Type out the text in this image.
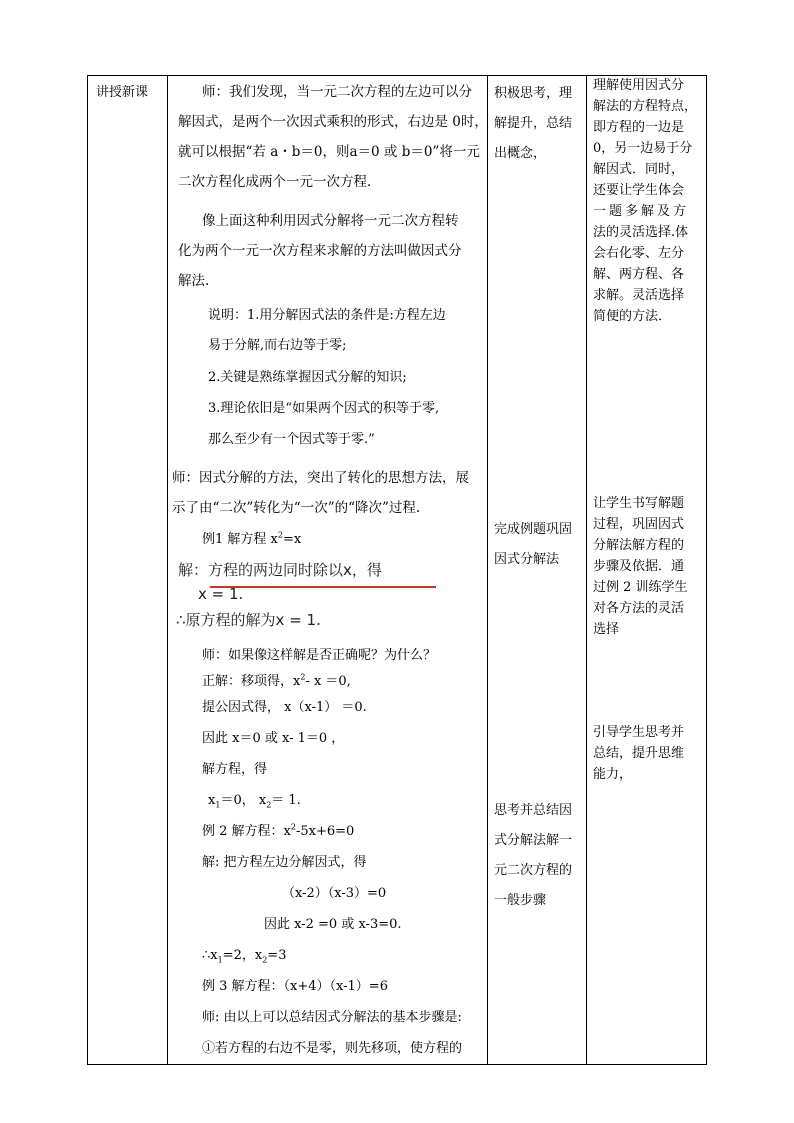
讲授新课	师：我们发现，当一元二次方程的左边可以分
解因式，是两个一次因式乘积的形式，右边是 0时，
就可以根据“若 a・b＝0，则a＝0 或 b＝0”将一元
二次方程化成两个一元一次方程．
像上面这种利用因式分解将一元二次方程转
化为两个一元一次方程来求解的方法叫做因式分
解法.
说明：1.用分解因式法的条件是:方程左边
易于分解,而右边等于零;
2.关键是熟练掌握因式分解的知识;
3.理论依旧是“如果两个因式的积等于零,
那么至少有一个因式等于零.”
师：因式分解的方法，突出了转化的思想方法，展
示了由“二次”转化为“一次”的“降次”过程.
例1 解方程 $x^2=x$
解：方程的两边同时除以x，得
x = 1.
∴原方程的解为x = 1.
师：如果像这样解是否正确呢？为什么？
正解：移项得，$x^2-$ x ＝0,
提公因式得， x（x-1） ＝0.
因此 x＝0 或 x- 1＝0 ，
解方程，得
$x_1=0$， $x_2= 1$.
例 2 解方程：$x^2-5x+6=0$
解: 把方程左边分解因式，得
（x-2）（x-3）=0
因此 x-2 =0 或 x-3=0.
$\therefore x_1=2$，$x_2=3$
例 3 解方程：（x+4）（x-1）=6
师: 由以上可以总结因式分解法的基本步骤是:
①若方程的右边不是零，则先移项，使方程的
积极思考，理
解提升，总结
出概念，
完成例题巩固
因式分解法
思考并总结因
式分解法解一
元二次方程的
一般步骤
理解使用因式分
解法的方程特点，
即方程的一边是
0，另一边易于分
解因式．同时，
还要让学生体会
一题多解及方
法的灵活选择.体
会右化零、左分
解、两方程、各
求解。灵活选择
简便的方法．
让学生书写解题
过程，巩固因式
分解法解方程的
步骤及依据．通
过例 2 训练学生
对各方法的灵活
选择
引导学生思考并
总结，提升思维
能力，
